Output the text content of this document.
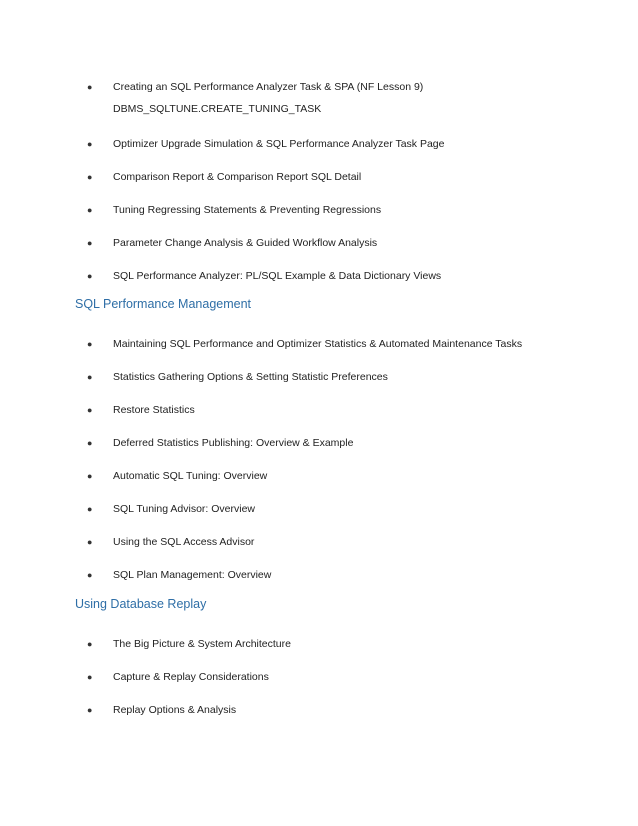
● Creating an SQL Performance Analyzer Task & SPA (NF Lesson 9)
DBMS_SQLTUNE.CREATE_TUNING_TASK
● Optimizer Upgrade Simulation & SQL Performance Analyzer Task Page
● Comparison Report & Comparison Report SQL Detail
● Tuning Regressing Statements & Preventing Regressions
● Parameter Change Analysis & Guided Workflow Analysis
● SQL Performance Analyzer: PL/SQL Example & Data Dictionary Views
SQL Performance Management
● Maintaining SQL Performance and Optimizer Statistics & Automated Maintenance Tasks
● Statistics Gathering Options & Setting Statistic Preferences
● Restore Statistics
● Deferred Statistics Publishing: Overview & Example
● Automatic SQL Tuning: Overview
● SQL Tuning Advisor: Overview
● Using the SQL Access Advisor
● SQL Plan Management: Overview
Using Database Replay
● The Big Picture & System Architecture
● Capture & Replay Considerations
● Replay Options & Analysis
